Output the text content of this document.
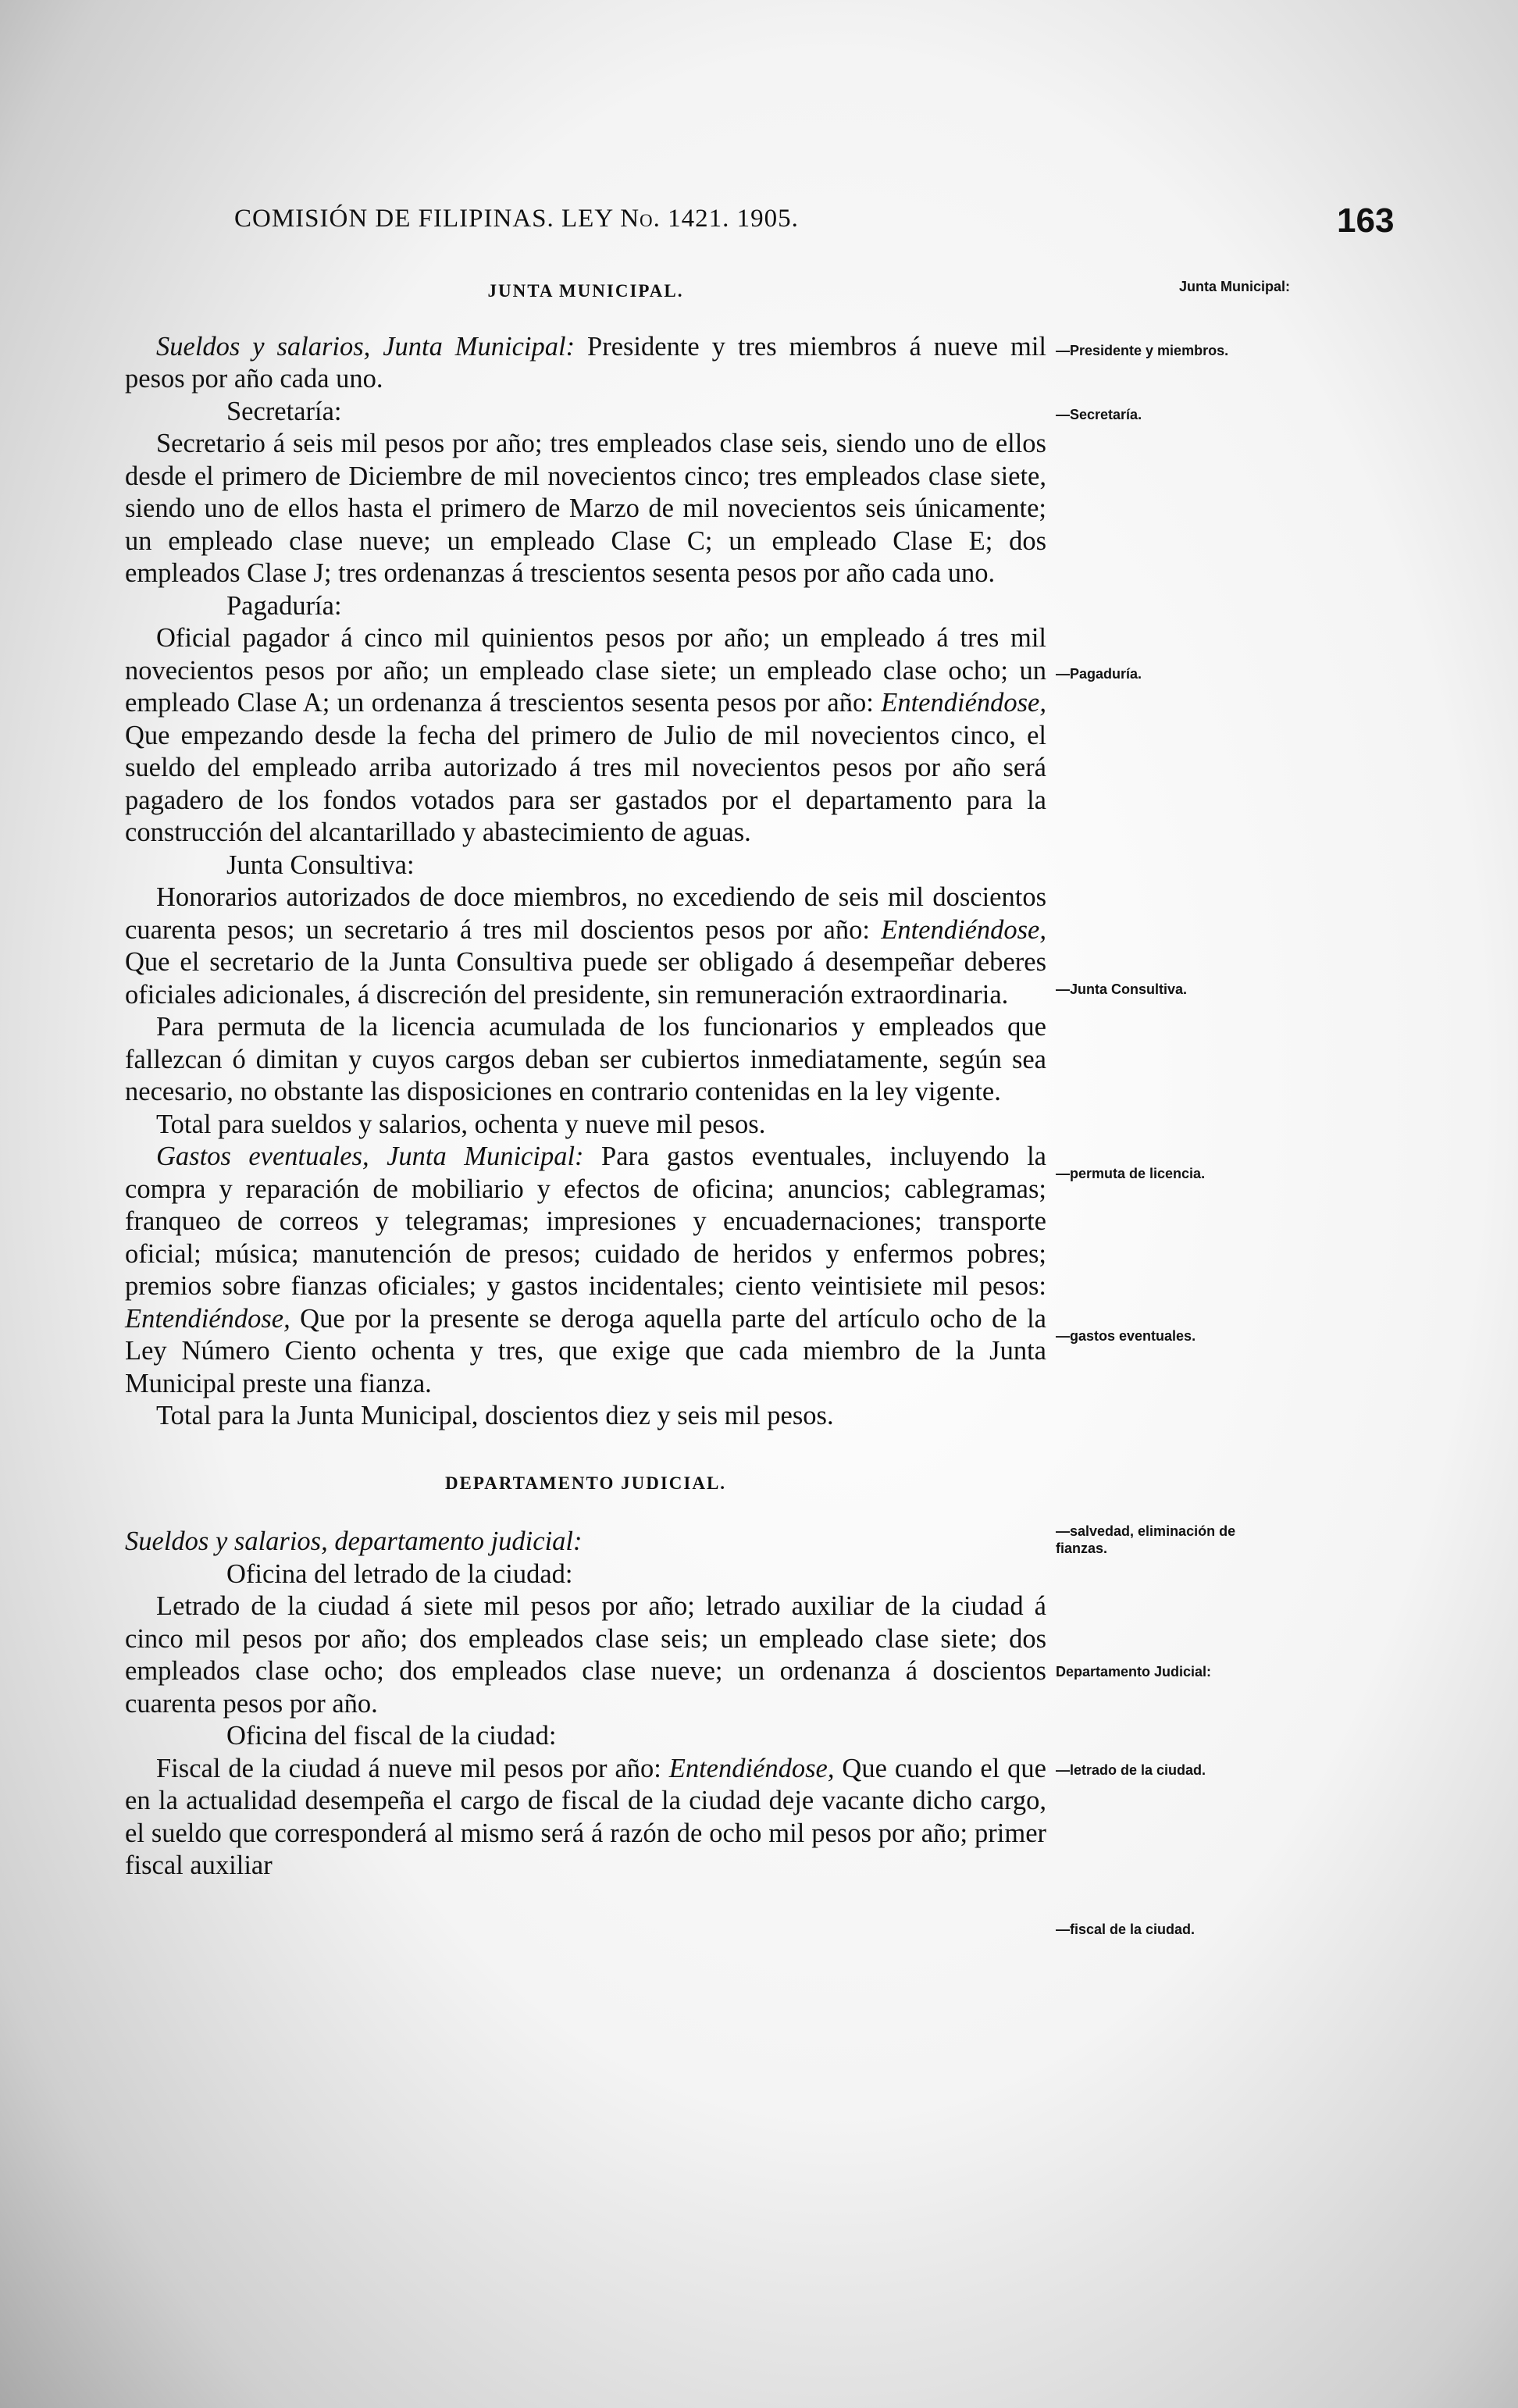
COMISIÓN DE FILIPINAS. LEY No. 1421. 1905.	163

JUNTA MUNICIPAL.

Sueldos y salarios, Junta Municipal: Presidente y tres miembros á nueve mil pesos por año cada uno.

Secretaría:

Secretario á seis mil pesos por año; tres empleados clase seis, siendo uno de ellos desde el primero de Diciembre de mil novecientos cinco; tres empleados clase siete, siendo uno de ellos hasta el primero de Marzo de mil novecientos seis únicamente; un empleado clase nueve; un empleado Clase C; un empleado Clase E; dos empleados Clase J; tres ordenanzas á trescientos sesenta pesos por año cada uno.

Pagaduría:

Oficial pagador á cinco mil quinientos pesos por año; un empleado á tres mil novecientos pesos por año; un empleado clase siete; un empleado clase ocho; un empleado Clase A; un ordenanza á trescientos sesenta pesos por año: Entendiéndose, Que empezando desde la fecha del primero de Julio de mil novecientos cinco, el sueldo del empleado arriba autorizado á tres mil novecientos pesos por año será pagadero de los fondos votados para ser gastados por el departamento para la construcción del alcantarillado y abastecimiento de aguas.

Junta Consultiva:

Honorarios autorizados de doce miembros, no excediendo de seis mil doscientos cuarenta pesos; un secretario á tres mil doscientos pesos por año: Entendiéndose, Que el secretario de la Junta Consultiva puede ser obligado á desempeñar deberes oficiales adicionales, á discreción del presidente, sin remuneración extraordinaria.

Para permuta de la licencia acumulada de los funcionarios y empleados que fallezcan ó dimitan y cuyos cargos deban ser cubiertos inmediatamente, según sea necesario, no obstante las disposiciones en contrario contenidas en la ley vigente.

Total para sueldos y salarios, ochenta y nueve mil pesos.

Gastos eventuales, Junta Municipal: Para gastos eventuales, incluyendo la compra y reparación de mobiliario y efectos de oficina; anuncios; cablegramas; franqueo de correos y telegramas; impresiones y encuadernaciones; transporte oficial; música; manutención de presos; cuidado de heridos y enfermos pobres; premios sobre fianzas oficiales; y gastos incidentales; ciento veintisiete mil pesos: Entendiéndose, Que por la presente se deroga aquella parte del artículo ocho de la Ley Número Ciento ochenta y tres, que exige que cada miembro de la Junta Municipal preste una fianza.

Total para la Junta Municipal, doscientos diez y seis mil pesos.

DEPARTAMENTO JUDICIAL.

Sueldos y salarios, departamento judicial:

Oficina del letrado de la ciudad:

Letrado de la ciudad á siete mil pesos por año; letrado auxiliar de la ciudad á cinco mil pesos por año; dos empleados clase seis; un empleado clase siete; dos empleados clase ocho; dos empleados clase nueve; un ordenanza á doscientos cuarenta pesos por año.

Oficina del fiscal de la ciudad:

Fiscal de la ciudad á nueve mil pesos por año: Entendiéndose, Que cuando el que en la actualidad desempeña el cargo de fiscal de la ciudad deje vacante dicho cargo, el sueldo que corresponderá al mismo será á razón de ocho mil pesos por año; primer fiscal auxiliar

Junta Municipal:
—Presidente y miembros.
—Secretaría.
—Pagaduría.
—Junta Consultiva.
—permuta de licencia.
—gastos eventuales.
—salvedad, eliminación de fianzas.
Departamento Judicial:
—letrado de la ciudad.
—fiscal de la ciudad.
